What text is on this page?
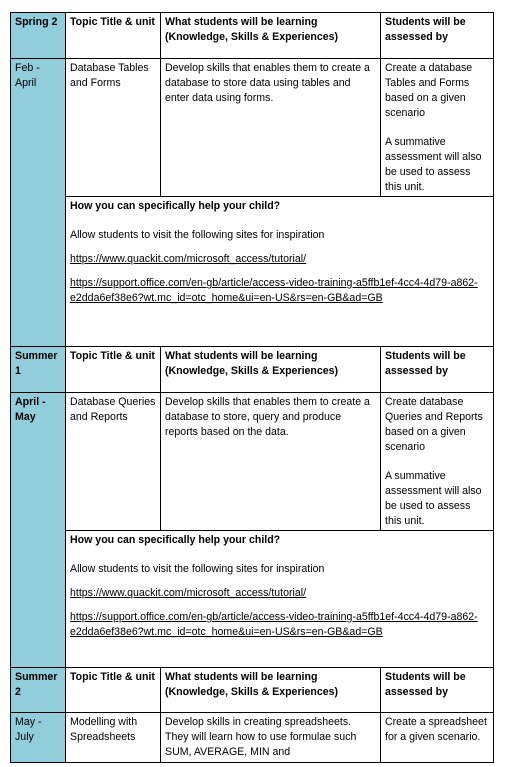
Spring 2	Topic Title & unit	What students will be learning (Knowledge, Skills & Experiences)	Students will be assessed by
Feb - April	Database Tables and Forms	Develop skills that enables them to create a database to store data using tables and enter data using forms.	Create a database Tables and Forms based on a given scenario
A summative assessment will also be used to assess this unit.

	How you can specifically help your child?
Allow students to visit the following sites for inspiration
https://www.quackit.com/microsoft_access/tutorial/
https://support.office.com/en-gb/article/access-video-training-a5ffb1ef-4cc4-4d79-a862-e2dda6ef38e6?wt.mc_id=otc_home&ui=en-US&rs=en-GB&ad=GB		

Summer 1	Topic Title & unit	What students will be learning (Knowledge, Skills & Experiences)	Students will be assessed by
April - May	Database Queries and Reports	Develop skills that enables them to create a database to store, query and produce reports based on the data.	Create database Queries and Reports based on a given scenario
A summative assessment will also be used to assess this unit.

	How you can specifically help your child?
Allow students to visit the following sites for inspiration
https://www.quackit.com/microsoft_access/tutorial/
https://support.office.com/en-gb/article/access-video-training-a5ffb1ef-4cc4-4d79-a862-e2dda6ef38e6?wt.mc_id=otc_home&ui=en-US&rs=en-GB&ad=GB		

Summer 2	Topic Title & unit	What students will be learning (Knowledge, Skills & Experiences)	Students will be assessed by
May - July	Modelling with Spreadsheets	Develop skills in creating spreadsheets. They will learn how to use formulae such SUM, AVERAGE, MIN and	Create a spreadsheet for a given scenario.
